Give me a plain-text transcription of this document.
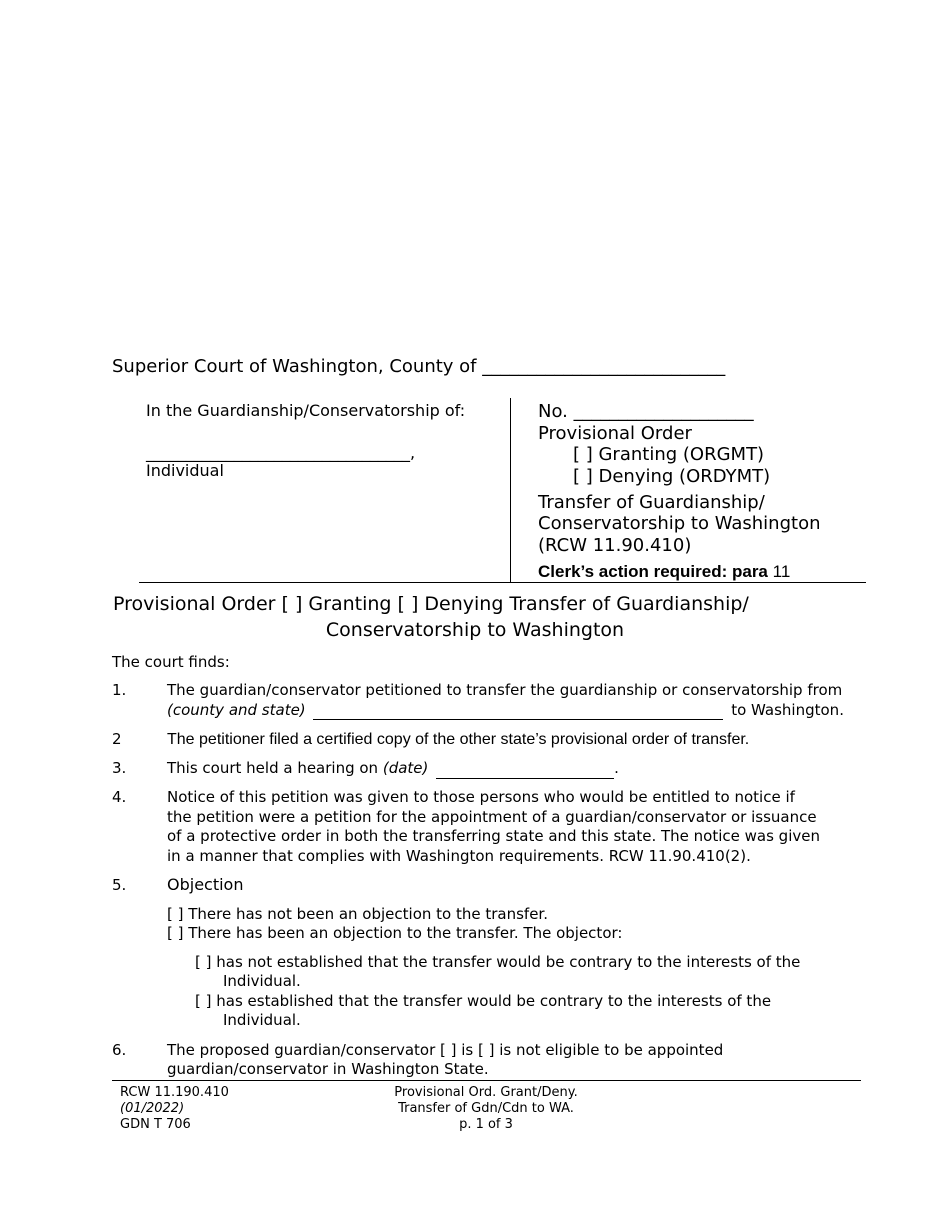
Superior Court of Washington, County of ___________________________
In the Guardianship/Conservatorship of:
_________________________________,
Individual
No. ____________________
Provisional Order
[ ] Granting (ORGMT)
[ ] Denying (ORDYMT)
Transfer of Guardianship/
Conservatorship to Washington
(RCW 11.90.410)
Clerk’s action required: para 11
Provisional Order [ ] Granting [ ] Denying Transfer of Guardianship/
Conservatorship to Washington
The court finds:
1.	The guardian/conservator petitioned to transfer the guardianship or conservatorship from
(county and state)	to Washington.
2	The petitioner filed a certified copy of the other state’s provisional order of transfer.
3.	This court held a hearing on (date)	.
4.	Notice of this petition was given to those persons who would be entitled to notice if the petition were a petition for the appointment of a guardian/conservator or issuance of a protective order in both the transferring state and this state. The notice was given in a manner that complies with Washington requirements. RCW 11.90.410(2).
5.	Objection
[ ] There has not been an objection to the transfer.
[ ] There has been an objection to the transfer. The objector:
[ ] has not established that the transfer would be contrary to the interests of the
Individual.
[ ] has established that the transfer would be contrary to the interests of the
Individual.
6.	The proposed guardian/conservator [ ] is [ ] is not eligible to be appointed
guardian/conservator in Washington State.
RCW 11.190.410
(01/2022)
GDN T 706
Provisional Ord. Grant/Deny.
Transfer of Gdn/Cdn to WA.
p. 1 of 3
